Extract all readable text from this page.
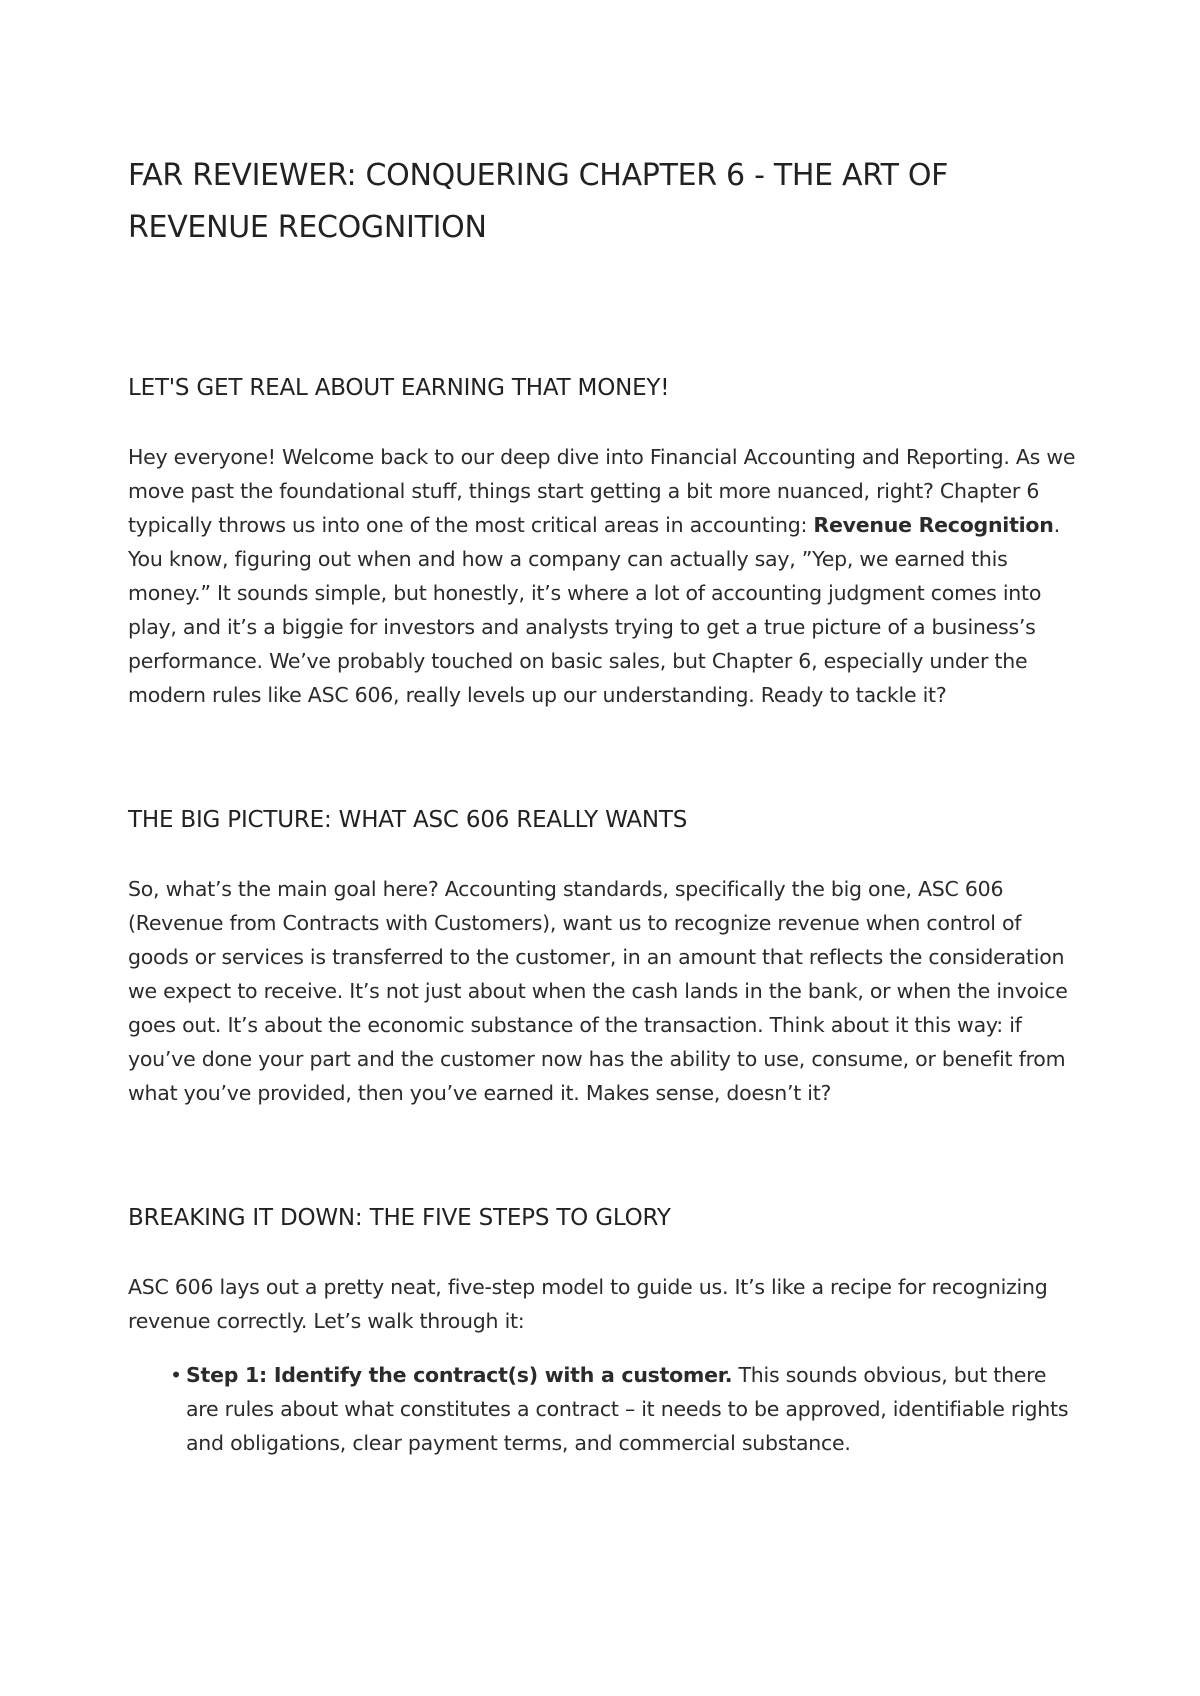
FAR REVIEWER: CONQUERING CHAPTER 6 - THE ART OF REVENUE RECOGNITION
LET'S GET REAL ABOUT EARNING THAT MONEY!

Hey everyone! Welcome back to our deep dive into Financial Accounting and Reporting. As we move past the foundational stuff, things start getting a bit more nuanced, right? Chapter 6 typically throws us into one of the most critical areas in accounting: Revenue Recognition. You know, figuring out when and how a company can actually say, ”Yep, we earned this money.” It sounds simple, but honestly, it’s where a lot of accounting judgment comes into play, and it’s a biggie for investors and analysts trying to get a true picture of a business’s performance. We’ve probably touched on basic sales, but Chapter 6, especially under the modern rules like ASC 606, really levels up our understanding. Ready to tackle it?

THE BIG PICTURE: WHAT ASC 606 REALLY WANTS

So, what’s the main goal here? Accounting standards, specifically the big one, ASC 606 (Revenue from Contracts with Customers), want us to recognize revenue when control of goods or services is transferred to the customer, in an amount that reflects the consideration we expect to receive. It’s not just about when the cash lands in the bank, or when the invoice goes out. It’s about the economic substance of the transaction. Think about it this way: if you’ve done your part and the customer now has the ability to use, consume, or benefit from what you’ve provided, then you’ve earned it. Makes sense, doesn’t it?

BREAKING IT DOWN: THE FIVE STEPS TO GLORY

ASC 606 lays out a pretty neat, five-step model to guide us. It’s like a recipe for recognizing revenue correctly. Let’s walk through it:

• Step 1: Identify the contract(s) with a customer. This sounds obvious, but there are rules about what constitutes a contract – it needs to be approved, identifiable rights and obligations, clear payment terms, and commercial substance.
